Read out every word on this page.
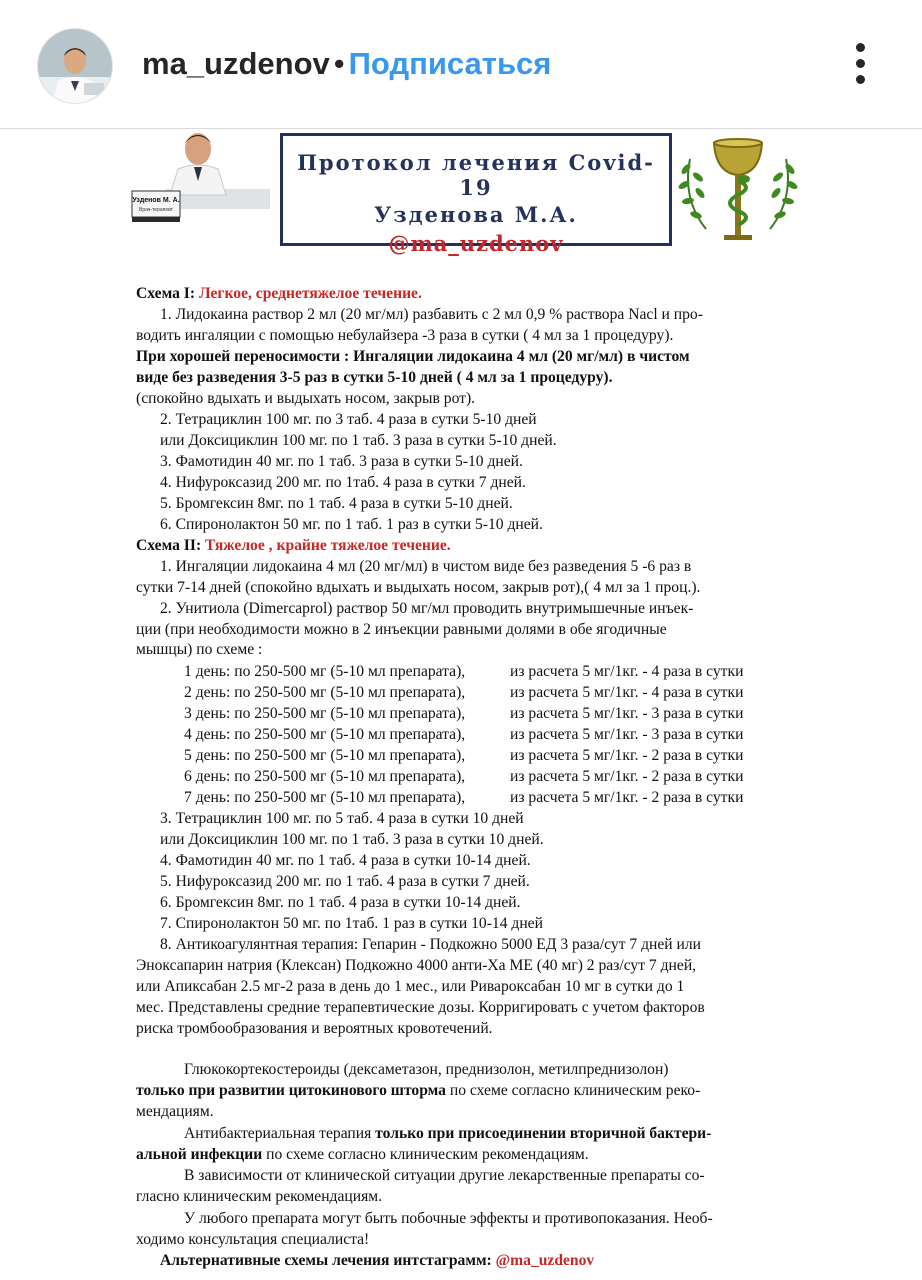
ma_uzdenov • Подписаться
Узденов М. А.
Врач-терапевт
Протокол лечения Covid-19
Узденова М.А.
@ma_uzdenov
Схема I: Легкое, среднетяжелое течение.
1. Лидокаина раствор 2 мл (20 мг/мл) разбавить с 2 мл 0,9 % раствора Nacl и про-
водить ингаляции с помощью небулайзера -3 раза в сутки ( 4 мл за 1 процедуру).
При хорошей переносимости : Ингаляции лидокаина 4 мл (20 мг/мл) в чистом
виде без разведения 3-5 раз в сутки 5-10 дней ( 4 мл за 1 процедуру).
(спокойно вдыхать и выдыхать носом, закрыв рот).
2. Тетрациклин 100 мг. по 3 таб. 4 раза в сутки 5-10 дней
или Доксициклин 100 мг. по 1 таб. 3 раза в сутки 5-10 дней.
3. Фамотидин 40 мг. по 1 таб. 3 раза в сутки 5-10 дней.
4. Нифуроксазид 200 мг. по 1таб. 4 раза в сутки 7 дней.
5. Бромгексин 8мг. по 1 таб. 4 раза в сутки 5-10 дней.
6. Спиронолактон 50 мг. по 1 таб. 1 раз в сутки 5-10 дней.
Схема II: Тяжелое , крайне тяжелое течение.
1. Ингаляции лидокаина 4 мл (20 мг/мл) в чистом виде без разведения 5 -6 раз в
сутки 7-14 дней (спокойно вдыхать и выдыхать носом, закрыв рот),( 4 мл за 1 проц.).
2. Унитиола (Dimercaprol) раствор 50 мг/мл проводить внутримышечные инъек-
ции (при необходимости можно в 2 инъекции равными долями в обе ягодичные
мышцы) по схеме :
1 день: по 250-500 мг (5-10 мл препарата),	из расчета 5 мг/1кг. - 4 раза в сутки
2 день: по 250-500 мг (5-10 мл препарата),	из расчета 5 мг/1кг. - 4 раза в сутки
3 день: по 250-500 мг (5-10 мл препарата),	из расчета 5 мг/1кг. - 3 раза в сутки
4 день: по 250-500 мг (5-10 мл препарата),	из расчета 5 мг/1кг. - 3 раза в сутки
5 день: по 250-500 мг (5-10 мл препарата),	из расчета 5 мг/1кг. - 2 раза в сутки
6 день: по 250-500 мг (5-10 мл препарата),	из расчета 5 мг/1кг. - 2 раза в сутки
7 день: по 250-500 мг (5-10 мл препарата),	из расчета 5 мг/1кг. - 2 раза в сутки
3. Тетрациклин 100 мг. по 5 таб. 4 раза в сутки 10 дней
или Доксициклин 100 мг. по 1 таб. 3 раза в сутки 10 дней.
4. Фамотидин 40 мг. по 1 таб. 4 раза в сутки 10-14 дней.
5. Нифуроксазид 200 мг. по 1 таб. 4 раза в сутки 7 дней.
6. Бромгексин 8мг. по 1 таб. 4 раза в сутки 10-14 дней.
7. Спиронолактон 50 мг. по 1таб. 1 раз в сутки 10-14 дней
8. Антикоагулянтная терапия: Гепарин - Подкожно 5000 ЕД 3 раза/сут 7 дней или
Эноксапарин натрия (Клексан) Подкожно 4000 анти-Ха МЕ (40 мг) 2 раз/сут 7 дней,
или Апиксабан 2.5 мг-2 раза в день до 1 мес., или Ривароксабан 10 мг в сутки до 1
мес. Представлены средние терапевтические дозы. Корригировать с учетом факторов
риска тромбообразования и вероятных кровотечений.
Глюкокортекостероиды (дексаметазон, преднизолон, метилпреднизолон)
только при развитии цитокинового шторма по схеме согласно клиническим реко-
мендациям.
Антибактериальная терапия только при присоединении вторичной бактери-
альной инфекции по схеме согласно клиническим рекомендациям.
В зависимости от клинической ситуации другие лекарственные препараты со-
гласно клиническим рекомендациям.
У любого препарата могут быть побочные эффекты и противопоказания. Необ-
ходимо консультация специалиста!
Альтернативные схемы лечения интстаграмм: @ma_uzdenov
